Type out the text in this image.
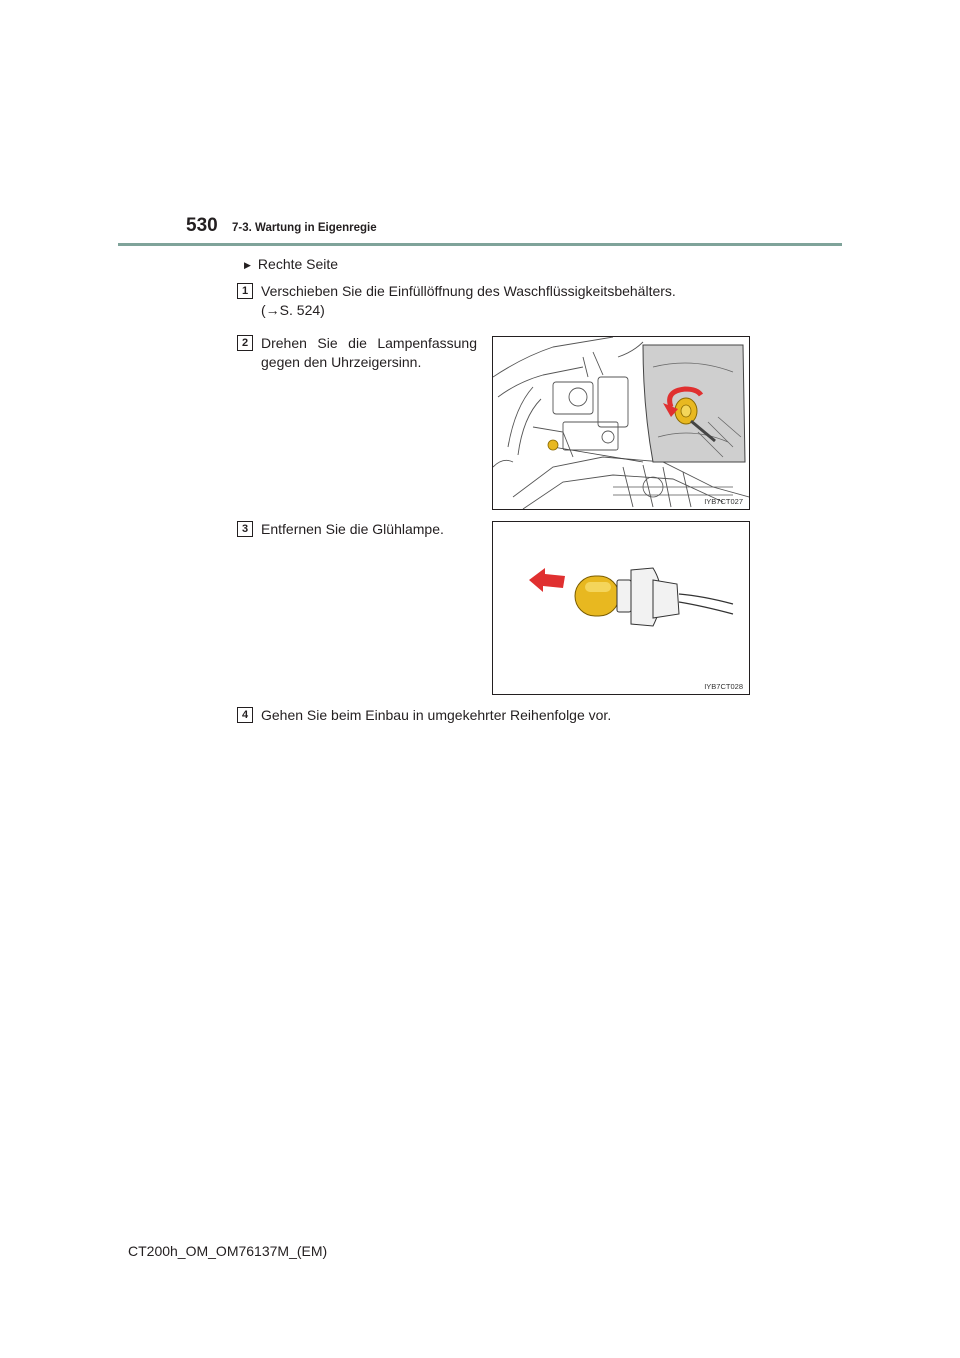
530 7-3. Wartung in Eigenregie
▶ Rechte Seite
1 Verschieben Sie die Einfüllöffnung des Waschflüssigkeitsbehälters.
(→S. 524)
2 Drehen Sie die Lampenfassung
gegen den Uhrzeigersinn.
IYB7CT027
3 Entfernen Sie die Glühlampe.
IYB7CT028
4 Gehen Sie beim Einbau in umgekehrter Reihenfolge vor.
CT200h_OM_OM76137M_(EM)
